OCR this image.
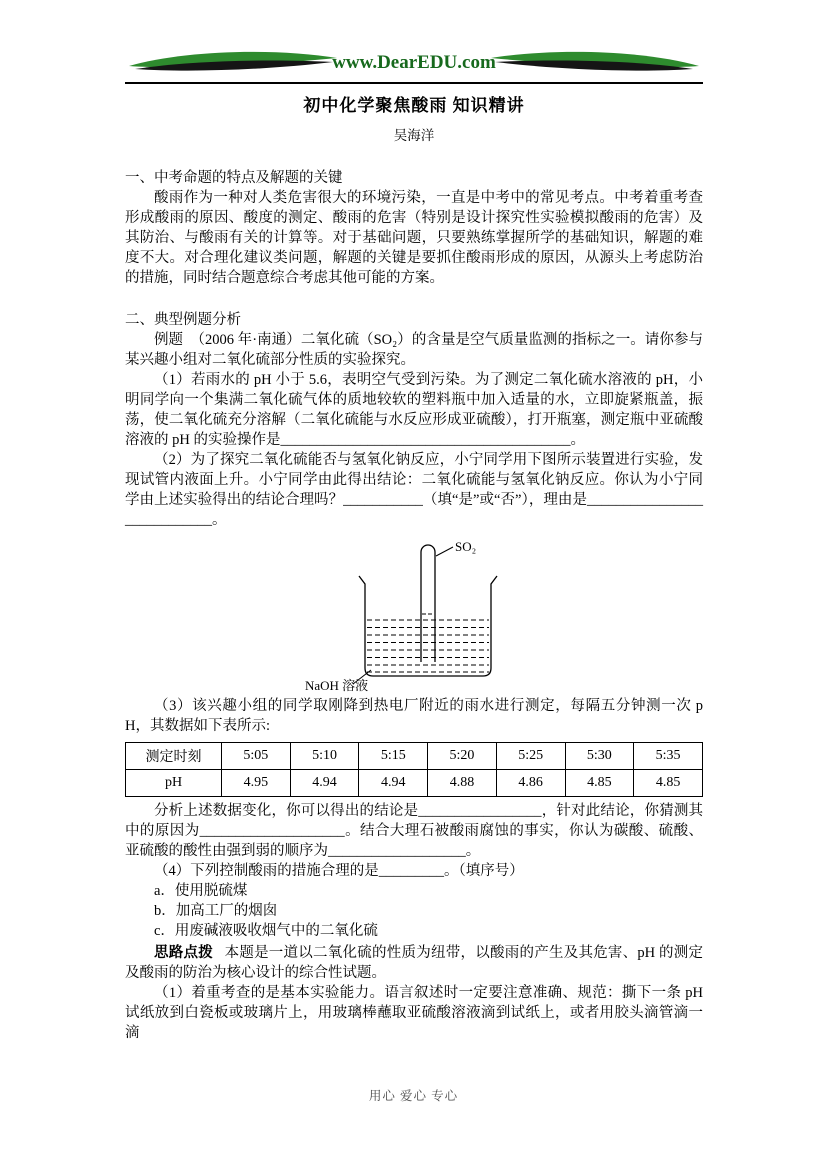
www.DearEDU.com
初中化学聚焦酸雨 知识精讲
吴海洋

一、中考命题的特点及解题的关键

酸雨作为一种对人类危害很大的环境污染，一直是中考中的常见考点。中考着重考查形成酸雨的原因、酸度的测定、酸雨的危害（特别是设计探究性实验模拟酸雨的危害）及其防治、与酸雨有关的计算等。对于基础问题，只要熟练掌握所学的基础知识，解题的难度不大。对合理化建议类问题，解题的关键是要抓住酸雨形成的原因，从源头上考虑防治的措施，同时结合题意综合考虑其他可能的方案。

二、典型例题分析

例题　（2006 年·南通）二氧化硫（SO₂）的含量是空气质量监测的指标之一。请你参与某兴趣小组对二氧化硫部分性质的实验探究。

（1）若雨水的 pH 小于 5.6，表明空气受到污染。为了测定二氧化硫水溶液的 pH，小明同学向一个集满二氧化硫气体的质地较软的塑料瓶中加入适量的水，立即旋紧瓶盖，振荡，使二氧化硫充分溶解（二氧化硫能与水反应形成亚硫酸），打开瓶塞，测定瓶中亚硫酸溶液的 pH 的实验操作是________________________________________。

（2）为了探究二氧化硫能否与氢氧化钠反应，小宁同学用下图所示装置进行实验，发现试管内液面上升。小宁同学由此得出结论：二氧化硫能与氢氧化钠反应。你认为小宁同学由上述实验得出的结论合理吗？___________（填“是”或“否”），理由是____________________________。

SO₂
NaOH 溶液

（3）该兴趣小组的同学取刚降到热电厂附近的雨水进行测定，每隔五分钟测一次 pH，其数据如下表所示:

测定时刻	5:05	5:10	5:15	5:20	5:25	5:30	5:35
pH	4.95	4.94	4.94	4.88	4.86	4.85	4.85

分析上述数据变化，你可以得出的结论是_________________，针对此结论，你猜测其中的原因为____________________。结合大理石被酸雨腐蚀的事实，你认为碳酸、硫酸、亚硫酸的酸性由强到弱的顺序为___________________。

（4）下列控制酸雨的措施合理的是_________。（填序号）

a．使用脱硫煤

b．加高工厂的烟囱

c．用废碱液吸收烟气中的二氧化硫

思路点拨 本题是一道以二氧化硫的性质为纽带，以酸雨的产生及其危害、pH 的测定及酸雨的防治为核心设计的综合性试题。

（1）着重考查的是基本实验能力。语言叙述时一定要注意准确、规范：撕下一条 pH 试纸放到白瓷板或玻璃片上，用玻璃棒蘸取亚硫酸溶液滴到试纸上，或者用胶头滴管滴一滴

用心 爱心 专心
